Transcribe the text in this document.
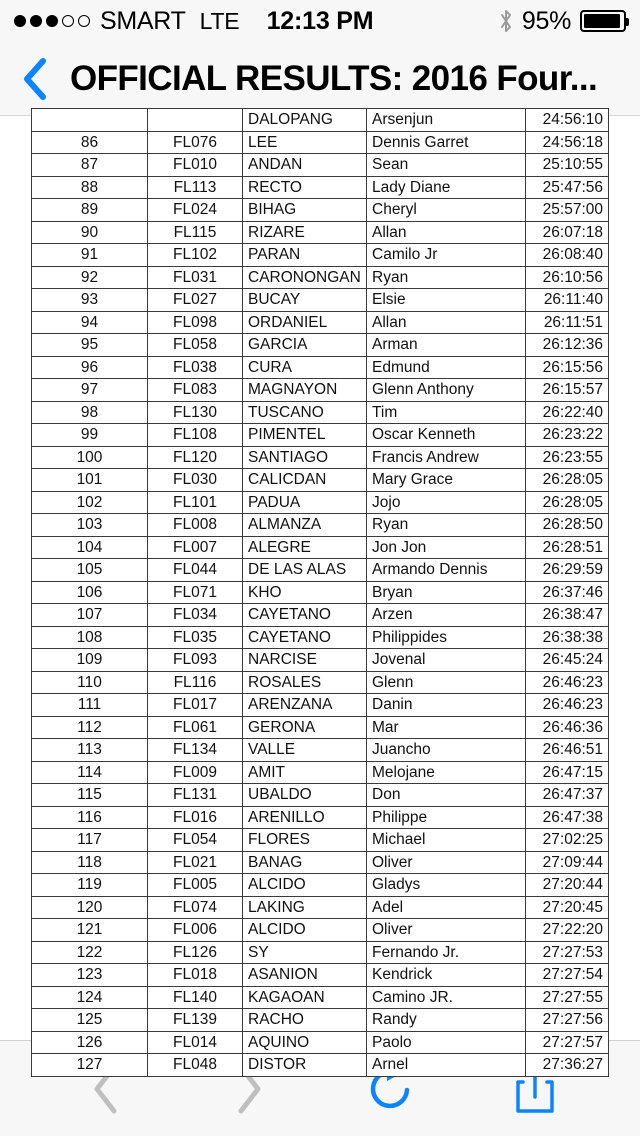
SMART LTE	12:13 PM	95%
OFFICIAL RESULTS: 2016 Four...
		DALOPANG	Arsenjun	24:56:10
86	FL076	LEE	Dennis Garret	24:56:18
87	FL010	ANDAN	Sean	25:10:55
88	FL113	RECTO	Lady Diane	25:47:56
89	FL024	BIHAG	Cheryl	25:57:00
90	FL115	RIZARE	Allan	26:07:18
91	FL102	PARAN	Camilo Jr	26:08:40
92	FL031	CARONONGAN	Ryan	26:10:56
93	FL027	BUCAY	Elsie	26:11:40
94	FL098	ORDANIEL	Allan	26:11:51
95	FL058	GARCIA	Arman	26:12:36
96	FL038	CURA	Edmund	26:15:56
97	FL083	MAGNAYON	Glenn Anthony	26:15:57
98	FL130	TUSCANO	Tim	26:22:40
99	FL108	PIMENTEL	Oscar Kenneth	26:23:22
100	FL120	SANTIAGO	Francis Andrew	26:23:55
101	FL030	CALICDAN	Mary Grace	26:28:05
102	FL101	PADUA	Jojo	26:28:05
103	FL008	ALMANZA	Ryan	26:28:50
104	FL007	ALEGRE	Jon Jon	26:28:51
105	FL044	DE LAS ALAS	Armando Dennis	26:29:59
106	FL071	KHO	Bryan	26:37:46
107	FL034	CAYETANO	Arzen	26:38:47
108	FL035	CAYETANO	Philippides	26:38:38
109	FL093	NARCISE	Jovenal	26:45:24
110	FL116	ROSALES	Glenn	26:46:23
111	FL017	ARENZANA	Danin	26:46:23
112	FL061	GERONA	Mar	26:46:36
113	FL134	VALLE	Juancho	26:46:51
114	FL009	AMIT	Melojane	26:47:15
115	FL131	UBALDO	Don	26:47:37
116	FL016	ARENILLO	Philippe	26:47:38
117	FL054	FLORES	Michael	27:02:25
118	FL021	BANAG	Oliver	27:09:44
119	FL005	ALCIDO	Gladys	27:20:44
120	FL074	LAKING	Adel	27:20:45
121	FL006	ALCIDO	Oliver	27:22:20
122	FL126	SY	Fernando Jr.	27:27:53
123	FL018	ASANION	Kendrick	27:27:54
124	FL140	KAGAOAN	Camino JR.	27:27:55
125	FL139	RACHO	Randy	27:27:56
126	FL014	AQUINO	Paolo	27:27:57
127	FL048	DISTOR	Arnel	27:36:27
